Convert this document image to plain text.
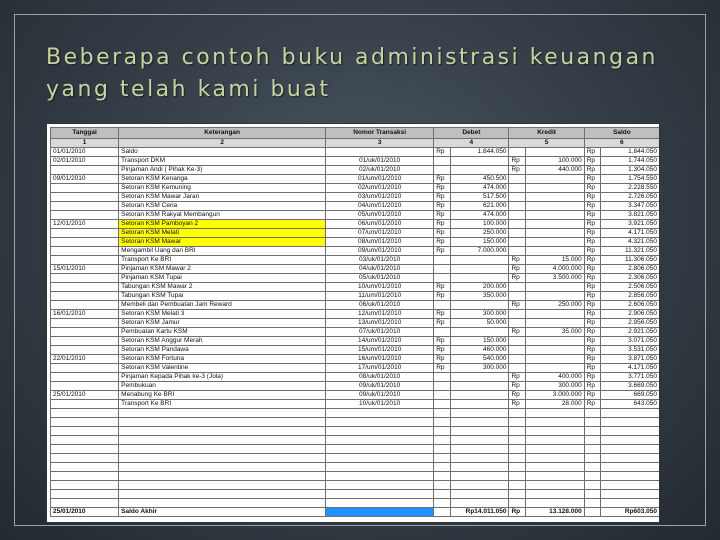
Beberapa contoh buku administrasi keuangan
yang telah kami buat
Tanggal	Keterangan	Nomor Transaksi	Debet		Kredit		Saldo	
1	2	3	4		5		6	
01/01/2010	Saldo		Rp	1.844.050			Rp	1.844.050
02/01/2010	Transport DKM	01/uk/01/2010			Rp	100.000	Rp	1.744.050
	Pinjaman Andi ( Pihak Ke-3)	02/uk/01/2010			Rp	440.000	Rp	1.304.050
09/01/2010	Setoran KSM Kenanga	01/um/01/2010	Rp	450.500			Rp	1.754.550
	Setoran KSM Kemuning	02/um/01/2010	Rp	474.000			Rp	2.228.550
	Setoran KSM Mawar Jaran	03/um/01/2010	Rp	517.500			Rp	2.726.050
	Setoran KSM Ceria	04/um/01/2010	Rp	621.000			Rp	3.347.050
	Setoran KSM Rakyat Membangun	05/um/01/2010	Rp	474.000			Rp	3.821.050
12/01/2010	Setoran KSM Pamboyan 2	06/um/01/2010	Rp	100.000			Rp	3.921.050
	Setoran KSM Melati	07/um/01/2010	Rp	250.000			Rp	4.171.050
	Setoran KSM Mawar	08/um/01/2010	Rp	150.000			Rp	4.321.050
	Mengambil Uang dari BRI	09/um/01/2010	Rp	7.000.000			Rp	11.321.050
	Transport Ke BRI	03/uk/01/2010			Rp	15.000	Rp	11.306.050
15/01/2010	Pinjaman KSM Mawar 2	04/uk/01/2010			Rp	4.000.000	Rp	2.806.050
	Pinjaman KSM Tupai	05/uk/01/2010			Rp	3.500.000	Rp	2.306.050
	Tabungan KSM Mawar 2	10/um/01/2010	Rp	200.000			Rp	2.506.050
	Tabungan KSM Tupai	11/um/01/2010	Rp	350.000			Rp	2.856.050
	Membeli dan Pembuatan Jam Reward	06/uk/01/2010			Rp	250.000	Rp	2.606.050
16/01/2010	Setoran KSM Melati 3	12/um/01/2010	Rp	300.000			Rp	2.906.050
	Setoran KSM Jamur	13/um/01/2010	Rp	50.000			Rp	2.956.050
	Pembuatan Kartu KSM	07/uk/01/2010			Rp	35.000	Rp	2.921.050
	Setoran KSM Anggur Merah	14/um/01/2010	Rp	150.000			Rp	3.071.050
	Setoran KSM Pandawa	15/um/01/2010	Rp	460.000			Rp	3.531.050
22/01/2010	Setoran KSM Fortuna	16/um/01/2010	Rp	540.000			Rp	3.871.050
	Setoran KSM Valentine	17/um/01/2010	Rp	300.000			Rp	4.171.050
	Pinjaman Kepada Pihak ke-3 (Jola)	08/uk/01/2010			Rp	400.000	Rp	3.771.050
	Pembukuan	09/uk/01/2010			Rp	300.000	Rp	3.669.050
25/01/2010	Menabung Ke BRI	09/uk/01/2010			Rp	3.000.000	Rp	669.050
	Transport Ke BRI	10/uk/01/2010			Rp	28.000	Rp	643.050

25/01/2010	Saldo Akhir			Rp14.011.050	Rp	13.128.000		Rp603.050
